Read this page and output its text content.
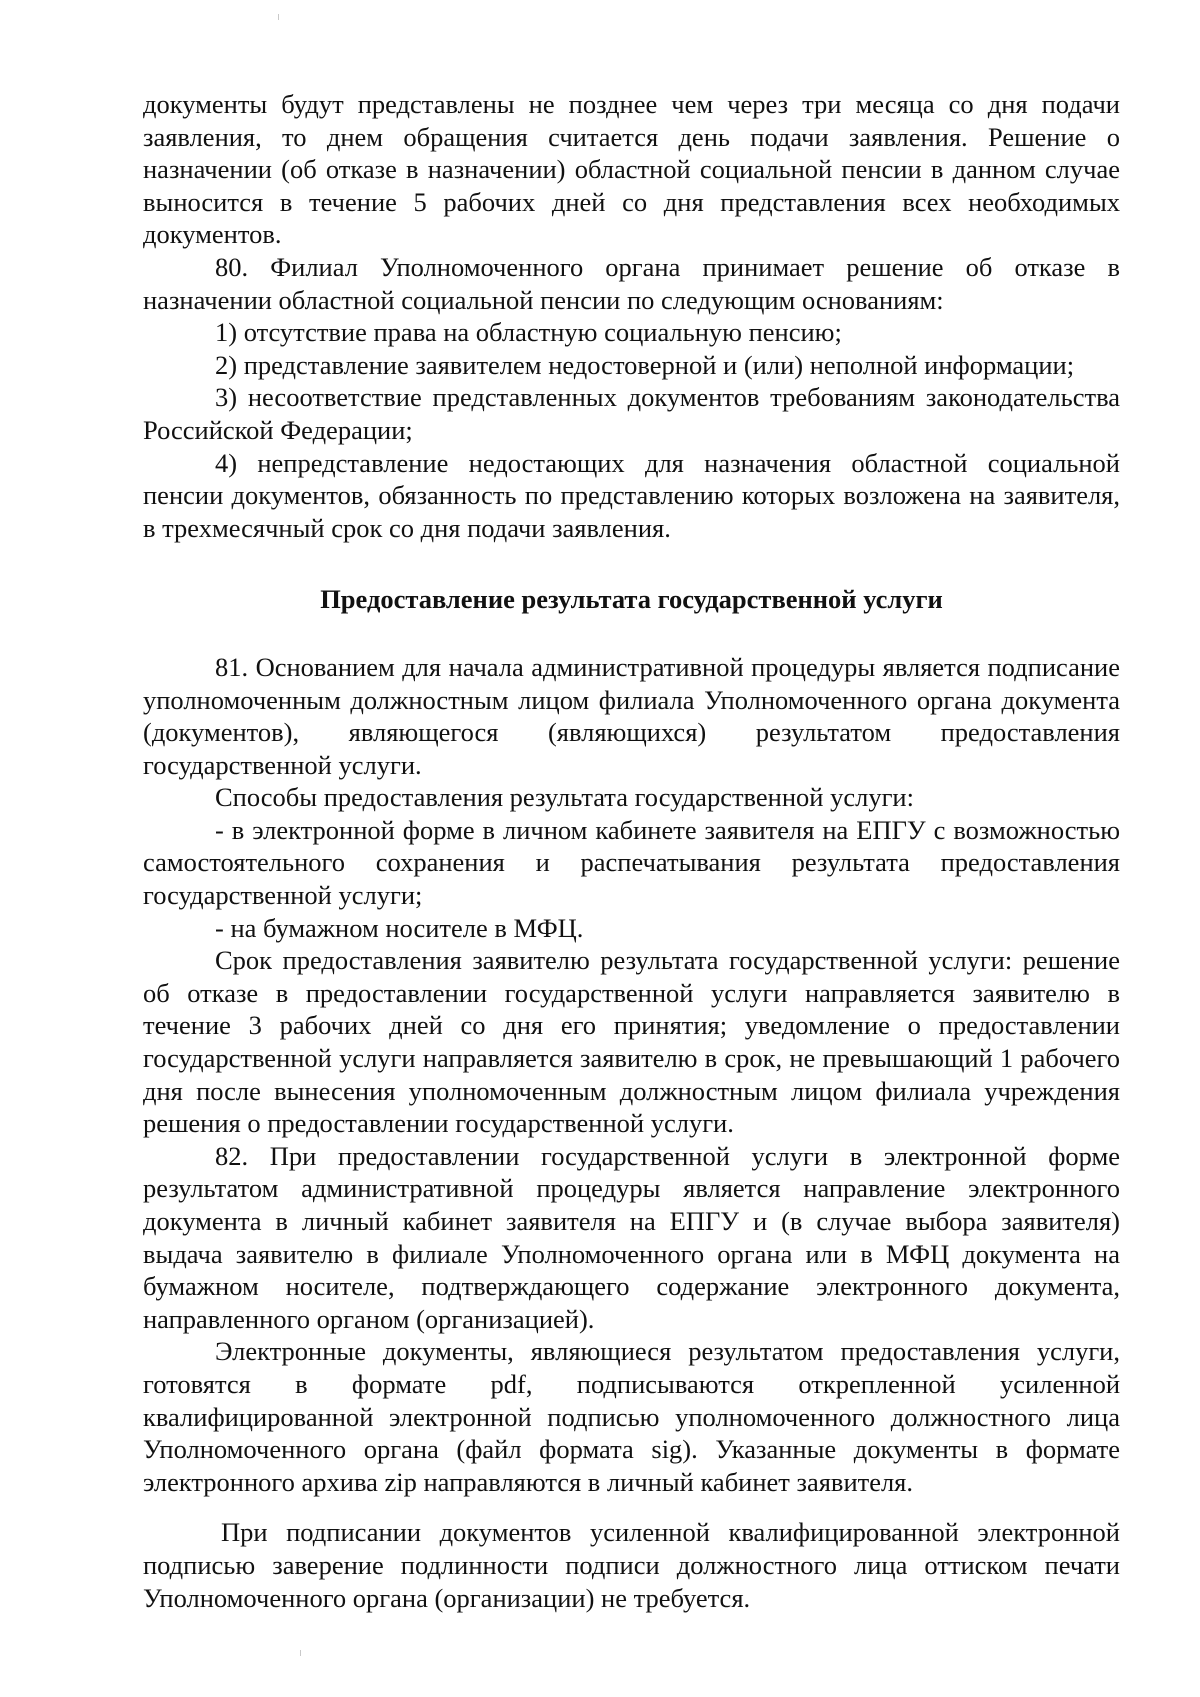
документы будут представлены не позднее чем через три месяца со дня подачи заявления, то днем обращения считается день подачи заявления. Решение о назначении (об отказе в назначении) областной социальной пенсии в данном случае выносится в течение 5 рабочих дней со дня представления всех необходимых документов.

80. Филиал Уполномоченного органа принимает решение об отказе в назначении областной социальной пенсии по следующим основаниям:

1) отсутствие права на областную социальную пенсию;

2) представление заявителем недостоверной и (или) неполной информации;

3) несоответствие представленных документов требованиям законодательства Российской Федерации;

4) непредставление недостающих для назначения областной социальной пенсии документов, обязанность по представлению которых возложена на заявителя, в трехмесячный срок со дня подачи заявления.

Предоставление результата государственной услуги

81. Основанием для начала административной процедуры является подписание уполномоченным должностным лицом филиала Уполномоченного органа документа (документов), являющегося (являющихся) результатом предоставления государственной услуги.

Способы предоставления результата государственной услуги:

- в электронной форме в личном кабинете заявителя на ЕПГУ с возможностью самостоятельного сохранения и распечатывания результата предоставления государственной услуги;

- на бумажном носителе в МФЦ.

Срок предоставления заявителю результата государственной услуги: решение об отказе в предоставлении государственной услуги направляется заявителю в течение 3 рабочих дней со дня его принятия; уведомление о предоставлении государственной услуги направляется заявителю в срок, не превышающий 1 рабочего дня после вынесения уполномоченным должностным лицом филиала учреждения решения о предоставлении государственной услуги.

82. При предоставлении государственной услуги в электронной форме результатом административной процедуры является направление электронного документа в личный кабинет заявителя на ЕПГУ и (в случае выбора заявителя) выдача заявителю в филиале Уполномоченного органа или в МФЦ документа на бумажном носителе, подтверждающего содержание электронного документа, направленного органом (организацией).

Электронные документы, являющиеся результатом предоставления услуги, готовятся в формате pdf, подписываются открепленной усиленной квалифицированной электронной подписью уполномоченного должностного лица Уполномоченного органа (файл формата sig). Указанные документы в формате электронного архива zip направляются в личный кабинет заявителя.

При подписании документов усиленной квалифицированной электронной подписью заверение подлинности подписи должностного лица оттиском печати Уполномоченного органа (организации) не требуется.
